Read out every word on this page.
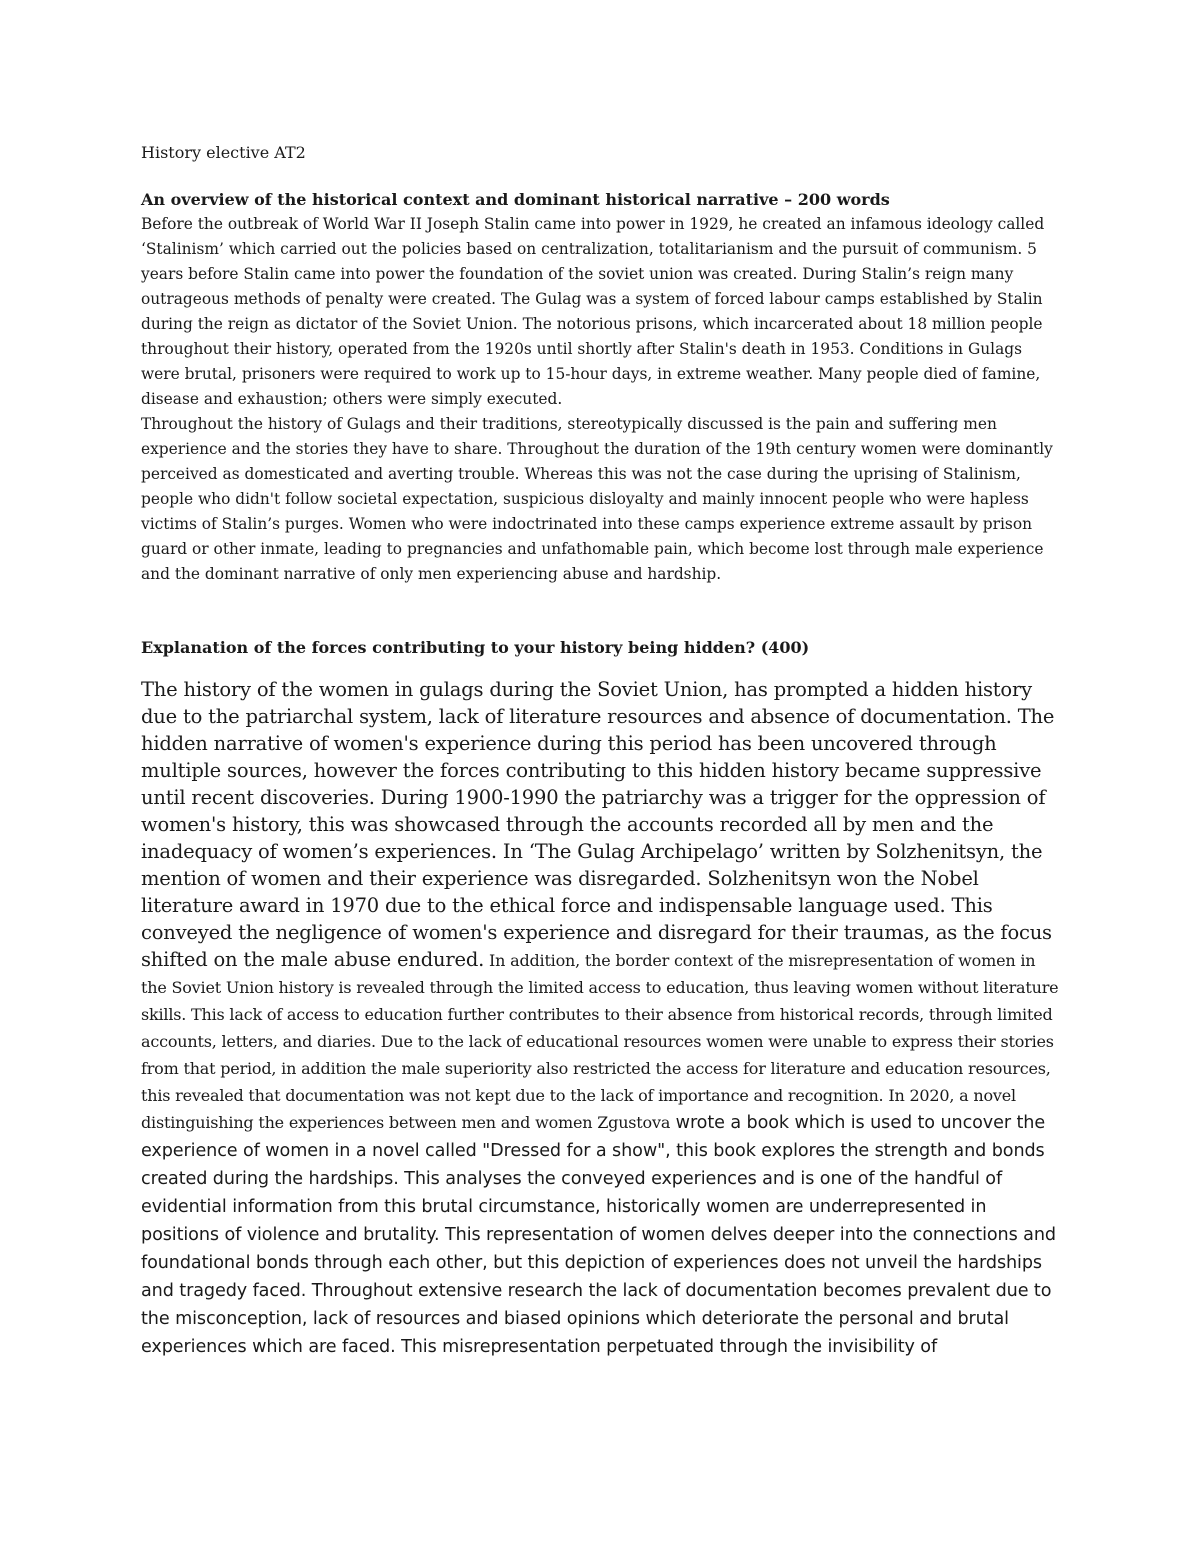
History elective AT2

An overview of the historical context and dominant historical narrative – 200 words

Before the outbreak of World War II Joseph Stalin came into power in 1929, he created an infamous ideology called ‘Stalinism’ which carried out the policies based on centralization, totalitarianism and the pursuit of communism. 5 years before Stalin came into power the foundation of the soviet union was created. During Stalin’s reign many outrageous methods of penalty were created. The Gulag was a system of forced labour camps established by Stalin during the reign as dictator of the Soviet Union. The notorious prisons, which incarcerated about 18 million people throughout their history, operated from the 1920s until shortly after Stalin's death in 1953. Conditions in Gulags were brutal, prisoners were required to work up to 15-hour days, in extreme weather. Many people died of famine, disease and exhaustion; others were simply executed.

Throughout the history of Gulags and their traditions, stereotypically discussed is the pain and suffering men experience and the stories they have to share. Throughout the duration of the 19th century women were dominantly perceived as domesticated and averting trouble. Whereas this was not the case during the uprising of Stalinism, people who didn't follow societal expectation, suspicious disloyalty and mainly innocent people who were hapless victims of Stalin’s purges. Women who were indoctrinated into these camps experience extreme assault by prison guard or other inmate, leading to pregnancies and unfathomable pain, which become lost through male experience and the dominant narrative of only men experiencing abuse and hardship.

Explanation of the forces contributing to your history being hidden? (400)

The history of the women in gulags during the Soviet Union, has prompted a hidden history due to the patriarchal system, lack of literature resources and absence of documentation. The hidden narrative of women's experience during this period has been uncovered through multiple sources, however the forces contributing to this hidden history became suppressive until recent discoveries. During 1900-1990 the patriarchy was a trigger for the oppression of women's history, this was showcased through the accounts recorded all by men and the inadequacy of women’s experiences. In ‘The Gulag Archipelago’ written by Solzhenitsyn, the mention of women and their experience was disregarded. Solzhenitsyn won the Nobel literature award in 1970 due to the ethical force and indispensable language used. This conveyed the negligence of women's experience and disregard for their traumas, as the focus shifted on the male abuse endured. In addition, the border context of the misrepresentation of women in the Soviet Union history is revealed through the limited access to education, thus leaving women without literature skills. This lack of access to education further contributes to their absence from historical records, through limited accounts, letters, and diaries. Due to the lack of educational resources women were unable to express their stories from that period, in addition the male superiority also restricted the access for literature and education resources, this revealed that documentation was not kept due to the lack of importance and recognition. In 2020, a novel distinguishing the experiences between men and women Zgustova wrote a book which is used to uncover the experience of women in a novel called "Dressed for a show", this book explores the strength and bonds created during the hardships. This analyses the conveyed experiences and is one of the handful of evidential information from this brutal circumstance, historically women are underrepresented in positions of violence and brutality. This representation of women delves deeper into the connections and foundational bonds through each other, but this depiction of experiences does not unveil the hardships and tragedy faced. Throughout extensive research the lack of documentation becomes prevalent due to the misconception, lack of resources and biased opinions which deteriorate the personal and brutal experiences which are faced. This misrepresentation perpetuated through the invisibility of
